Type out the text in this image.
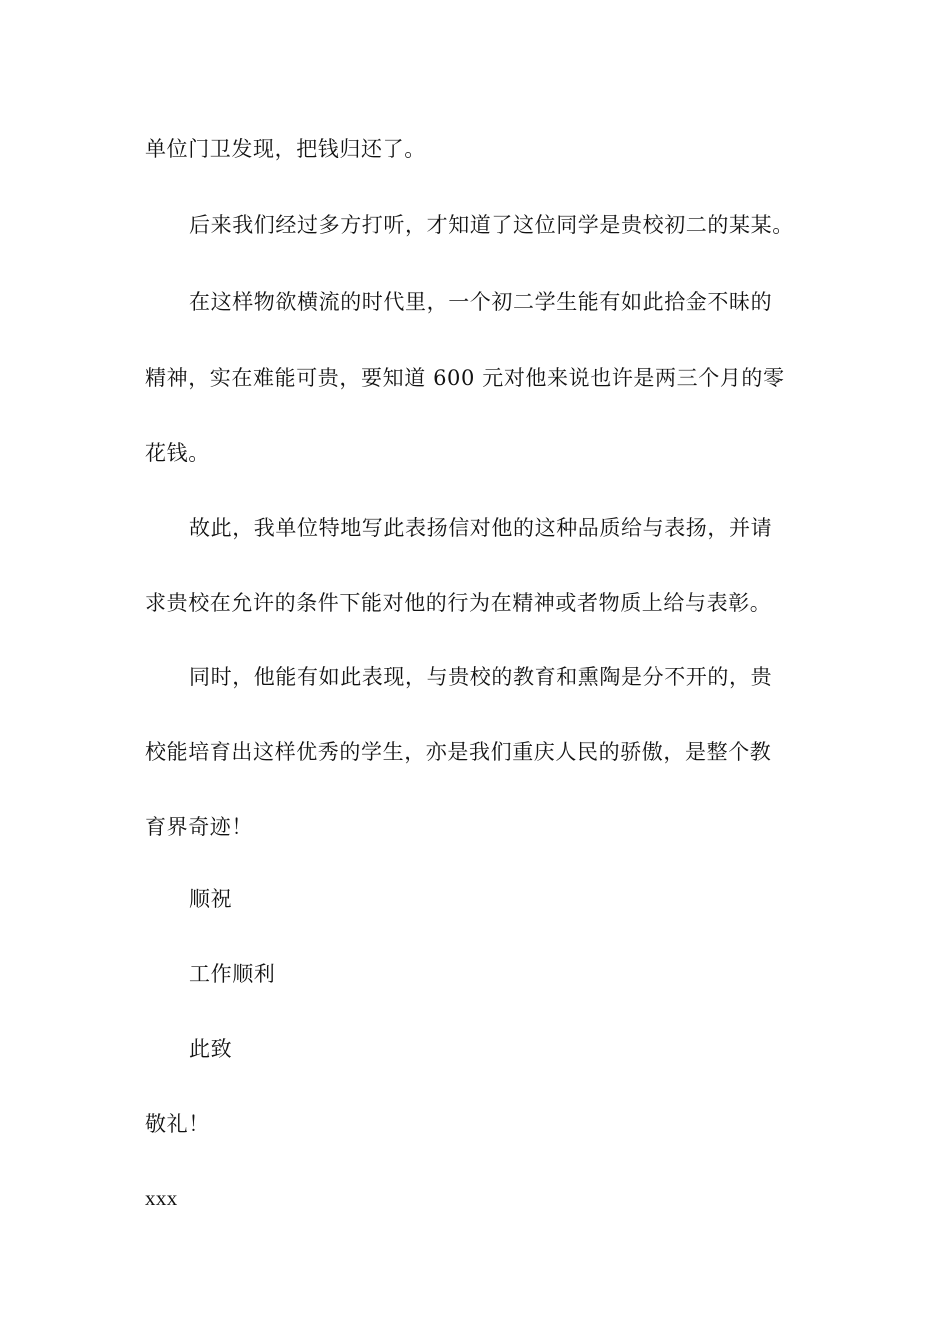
单位门卫发现，把钱归还了。
后来我们经过多方打听，才知道了这位同学是贵校初二的某某。
在这样物欲横流的时代里，一个初二学生能有如此拾金不昧的
精神，实在难能可贵，要知道 600 元对他来说也许是两三个月的零
花钱。
故此，我单位特地写此表扬信对他的这种品质给与表扬，并请
求贵校在允许的条件下能对他的行为在精神或者物质上给与表彰。
同时，他能有如此表现，与贵校的教育和熏陶是分不开的，贵
校能培育出这样优秀的学生，亦是我们重庆人民的骄傲，是整个教
育界奇迹！
顺祝
工作顺利
此致
敬礼！
xxx
